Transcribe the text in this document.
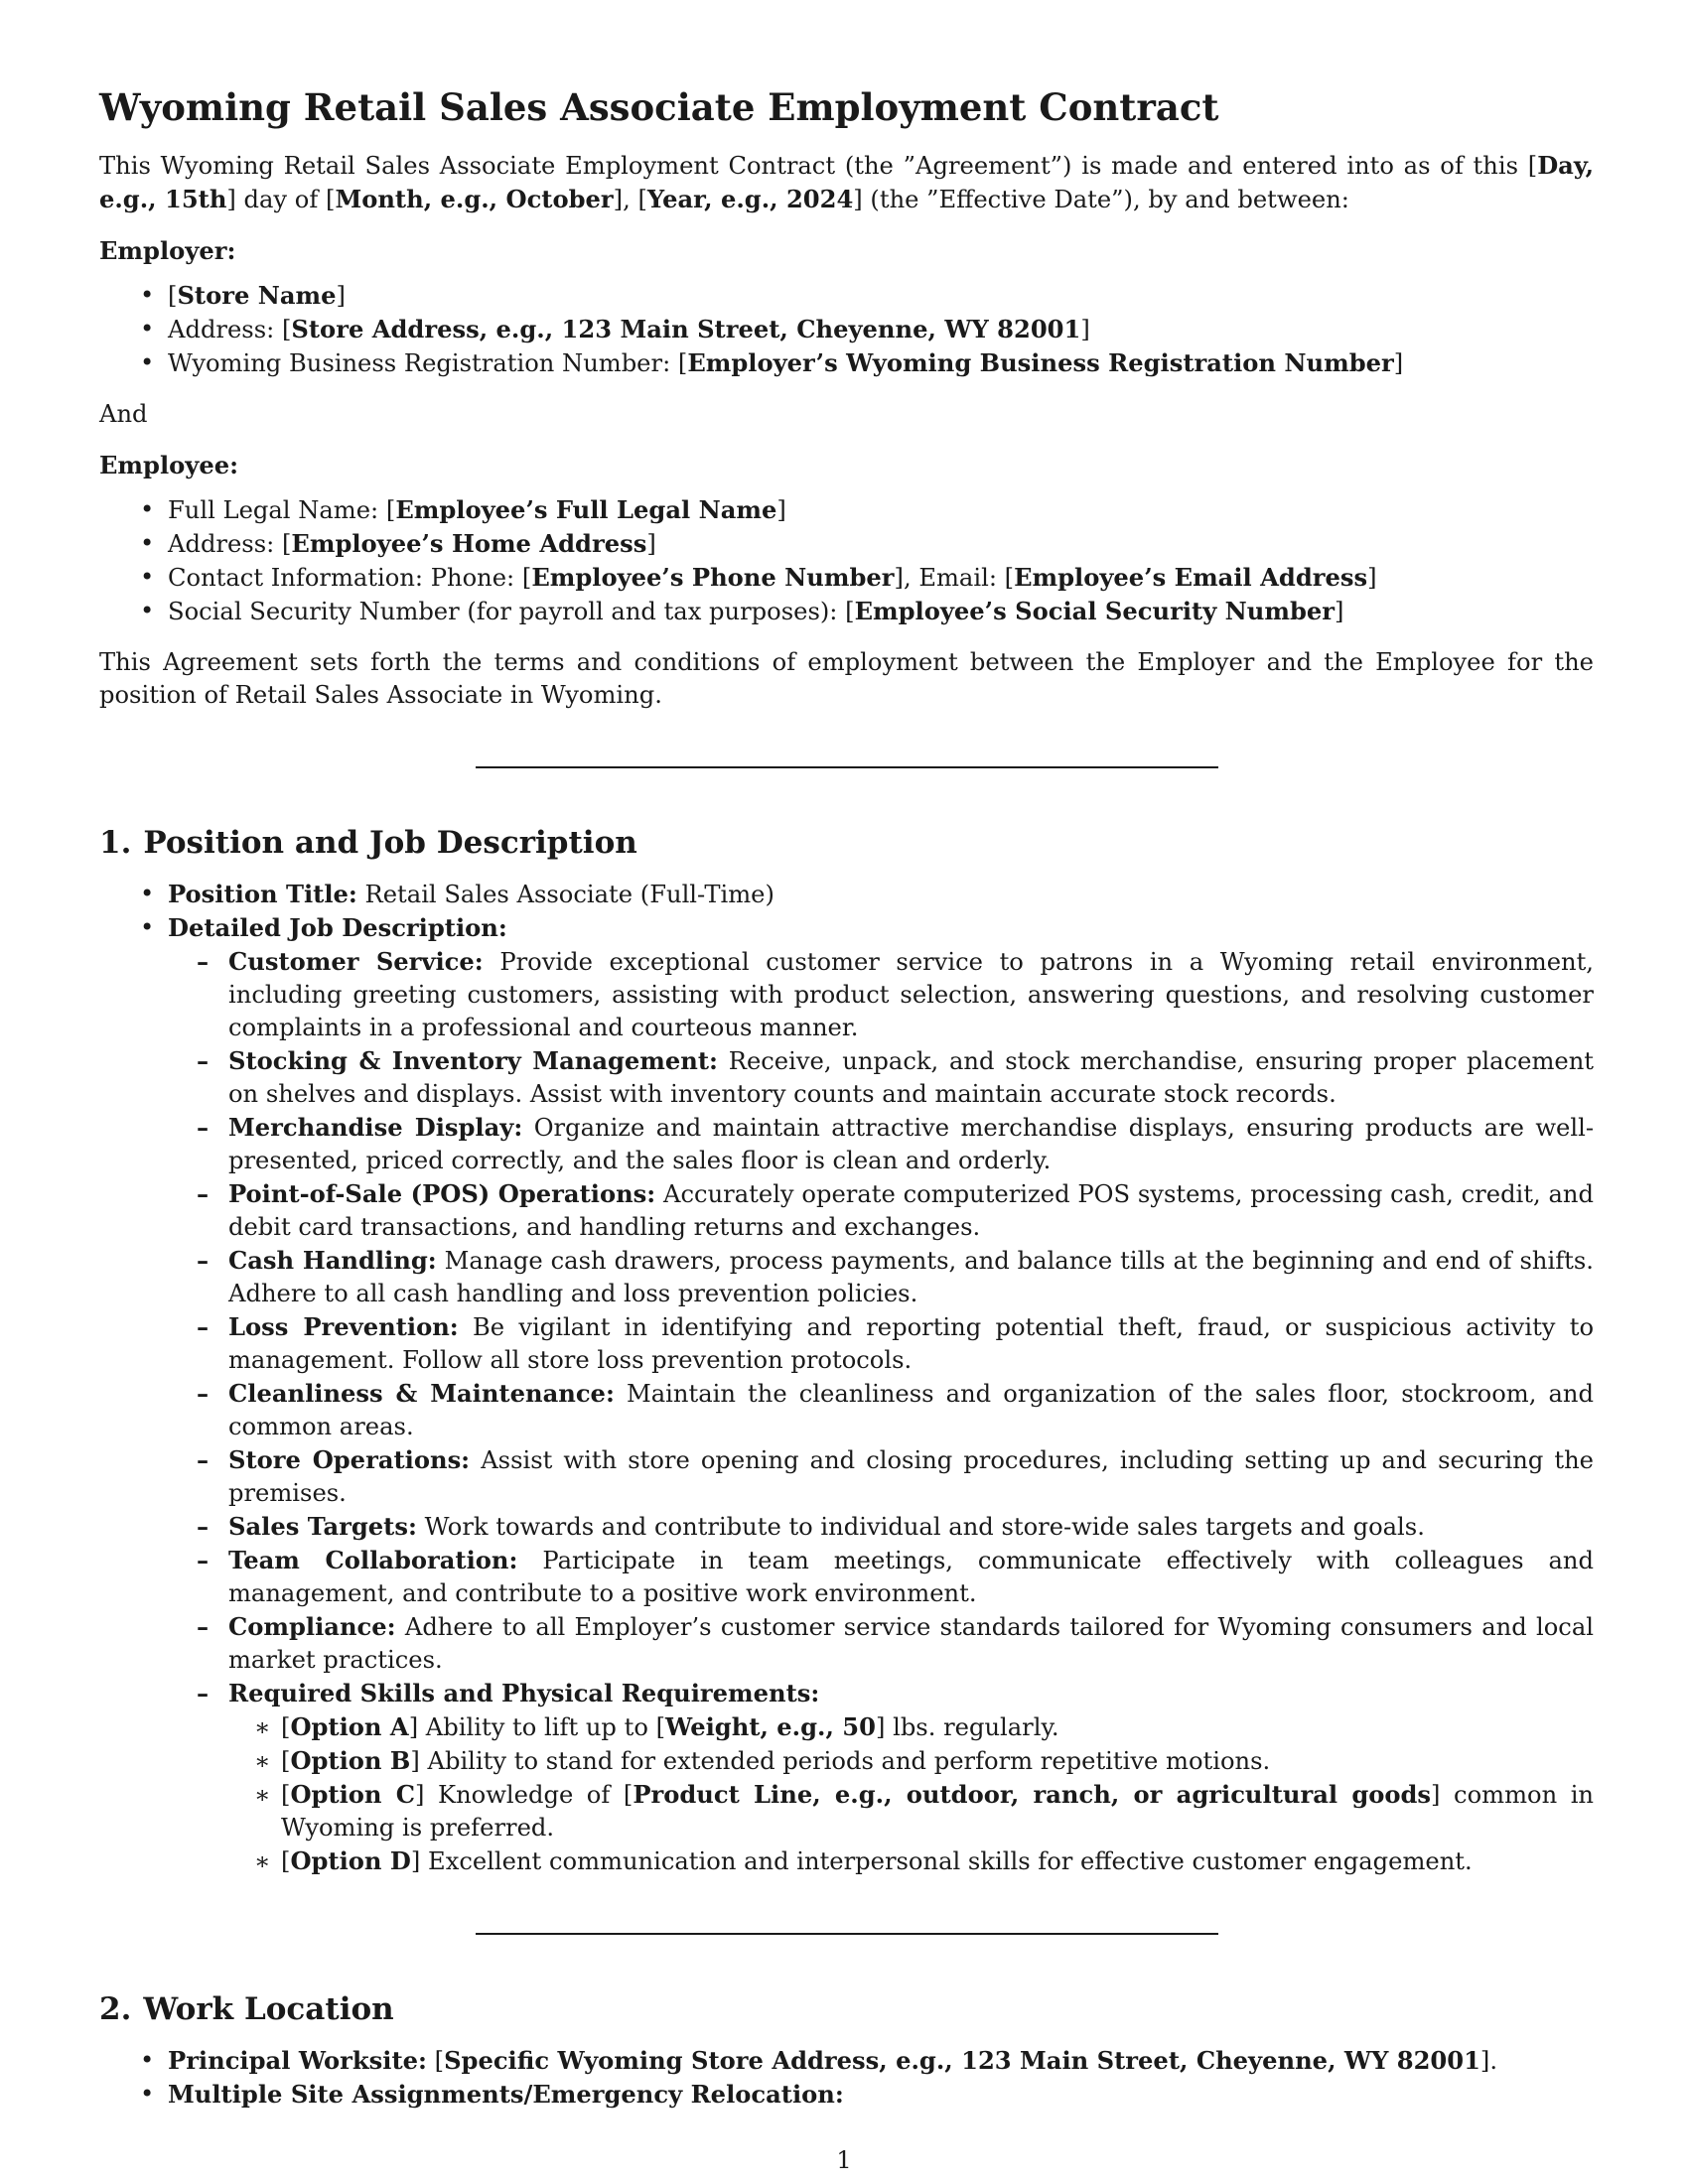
Wyoming Retail Sales Associate Employment Contract

This Wyoming Retail Sales Associate Employment Contract (the ”Agreement”) is made and entered into as of this [Day, e.g., 15th] day of [Month, e.g., October], [Year, e.g., 2024] (the ”Effective Date”), by and between:

Employer:
• [Store Name]
• Address: [Store Address, e.g., 123 Main Street, Cheyenne, WY 82001]
• Wyoming Business Registration Number: [Employer’s Wyoming Business Registration Number]

And

Employee:
• Full Legal Name: [Employee’s Full Legal Name]
• Address: [Employee’s Home Address]
• Contact Information: Phone: [Employee’s Phone Number], Email: [Employee’s Email Address]
• Social Security Number (for payroll and tax purposes): [Employee’s Social Security Number]

This Agreement sets forth the terms and conditions of employment between the Employer and the Employee for the position of Retail Sales Associate in Wyoming.

1. Position and Job Description
• Position Title: Retail Sales Associate (Full-Time)
• Detailed Job Description:
– Customer Service: Provide exceptional customer service to patrons in a Wyoming retail environment, including greeting customers, assisting with product selection, answering questions, and resolving customer complaints in a professional and courteous manner.
– Stocking & Inventory Management: Receive, unpack, and stock merchandise, ensuring proper placement on shelves and displays. Assist with inventory counts and maintain accurate stock records.
– Merchandise Display: Organize and maintain attractive merchandise displays, ensuring products are well-presented, priced correctly, and the sales floor is clean and orderly.
– Point-of-Sale (POS) Operations: Accurately operate computerized POS systems, processing cash, credit, and debit card transactions, and handling returns and exchanges.
– Cash Handling: Manage cash drawers, process payments, and balance tills at the beginning and end of shifts. Adhere to all cash handling and loss prevention policies.
– Loss Prevention: Be vigilant in identifying and reporting potential theft, fraud, or suspicious activity to management. Follow all store loss prevention protocols.
– Cleanliness & Maintenance: Maintain the cleanliness and organization of the sales floor, stockroom, and common areas.
– Store Operations: Assist with store opening and closing procedures, including setting up and securing the premises.
– Sales Targets: Work towards and contribute to individual and store-wide sales targets and goals.
– Team Collaboration: Participate in team meetings, communicate effectively with colleagues and management, and contribute to a positive work environment.
– Compliance: Adhere to all Employer’s customer service standards tailored for Wyoming consumers and local market practices.
– Required Skills and Physical Requirements:
∗ [Option A] Ability to lift up to [Weight, e.g., 50] lbs. regularly.
∗ [Option B] Ability to stand for extended periods and perform repetitive motions.
∗ [Option C] Knowledge of [Product Line, e.g., outdoor, ranch, or agricultural goods] common in Wyoming is preferred.
∗ [Option D] Excellent communication and interpersonal skills for effective customer engagement.
2. Work Location
• Principal Worksite: [Specific Wyoming Store Address, e.g., 123 Main Street, Cheyenne, WY 82001].
• Multiple Site Assignments/Emergency Relocation:
1
